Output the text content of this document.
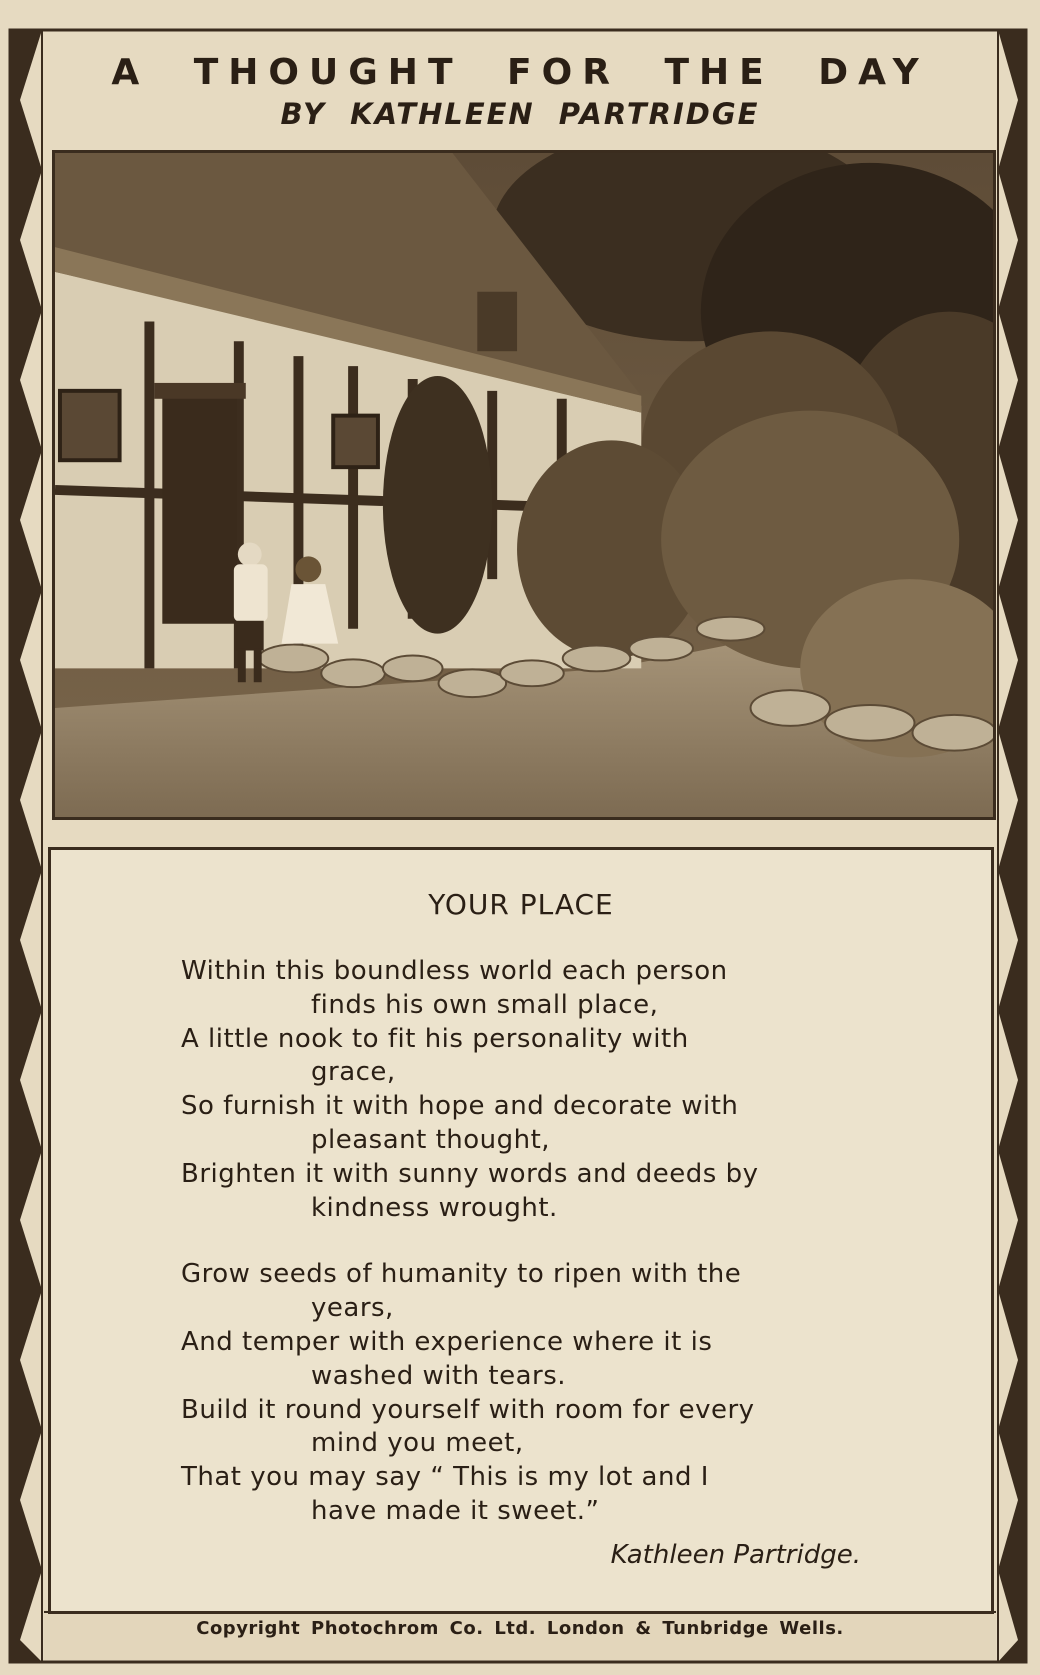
A THOUGHT FOR THE DAY
BY KATHLEEN PARTRIDGE
YOUR PLACE
Within this boundless world each person
finds his own small place,
A little nook to fit his personality with
grace,
So furnish it with hope and decorate with
pleasant thought,
Brighten it with sunny words and deeds by
kindness wrought.
Grow seeds of humanity to ripen with the
years,
And temper with experience where it is
washed with tears.
Build it round yourself with room for every
mind you meet,
That you may say “ This is my lot and I
have made it sweet.”
Kathleen Partridge.
Copyright Photochrom Co. Ltd. London & Tunbridge Wells.
